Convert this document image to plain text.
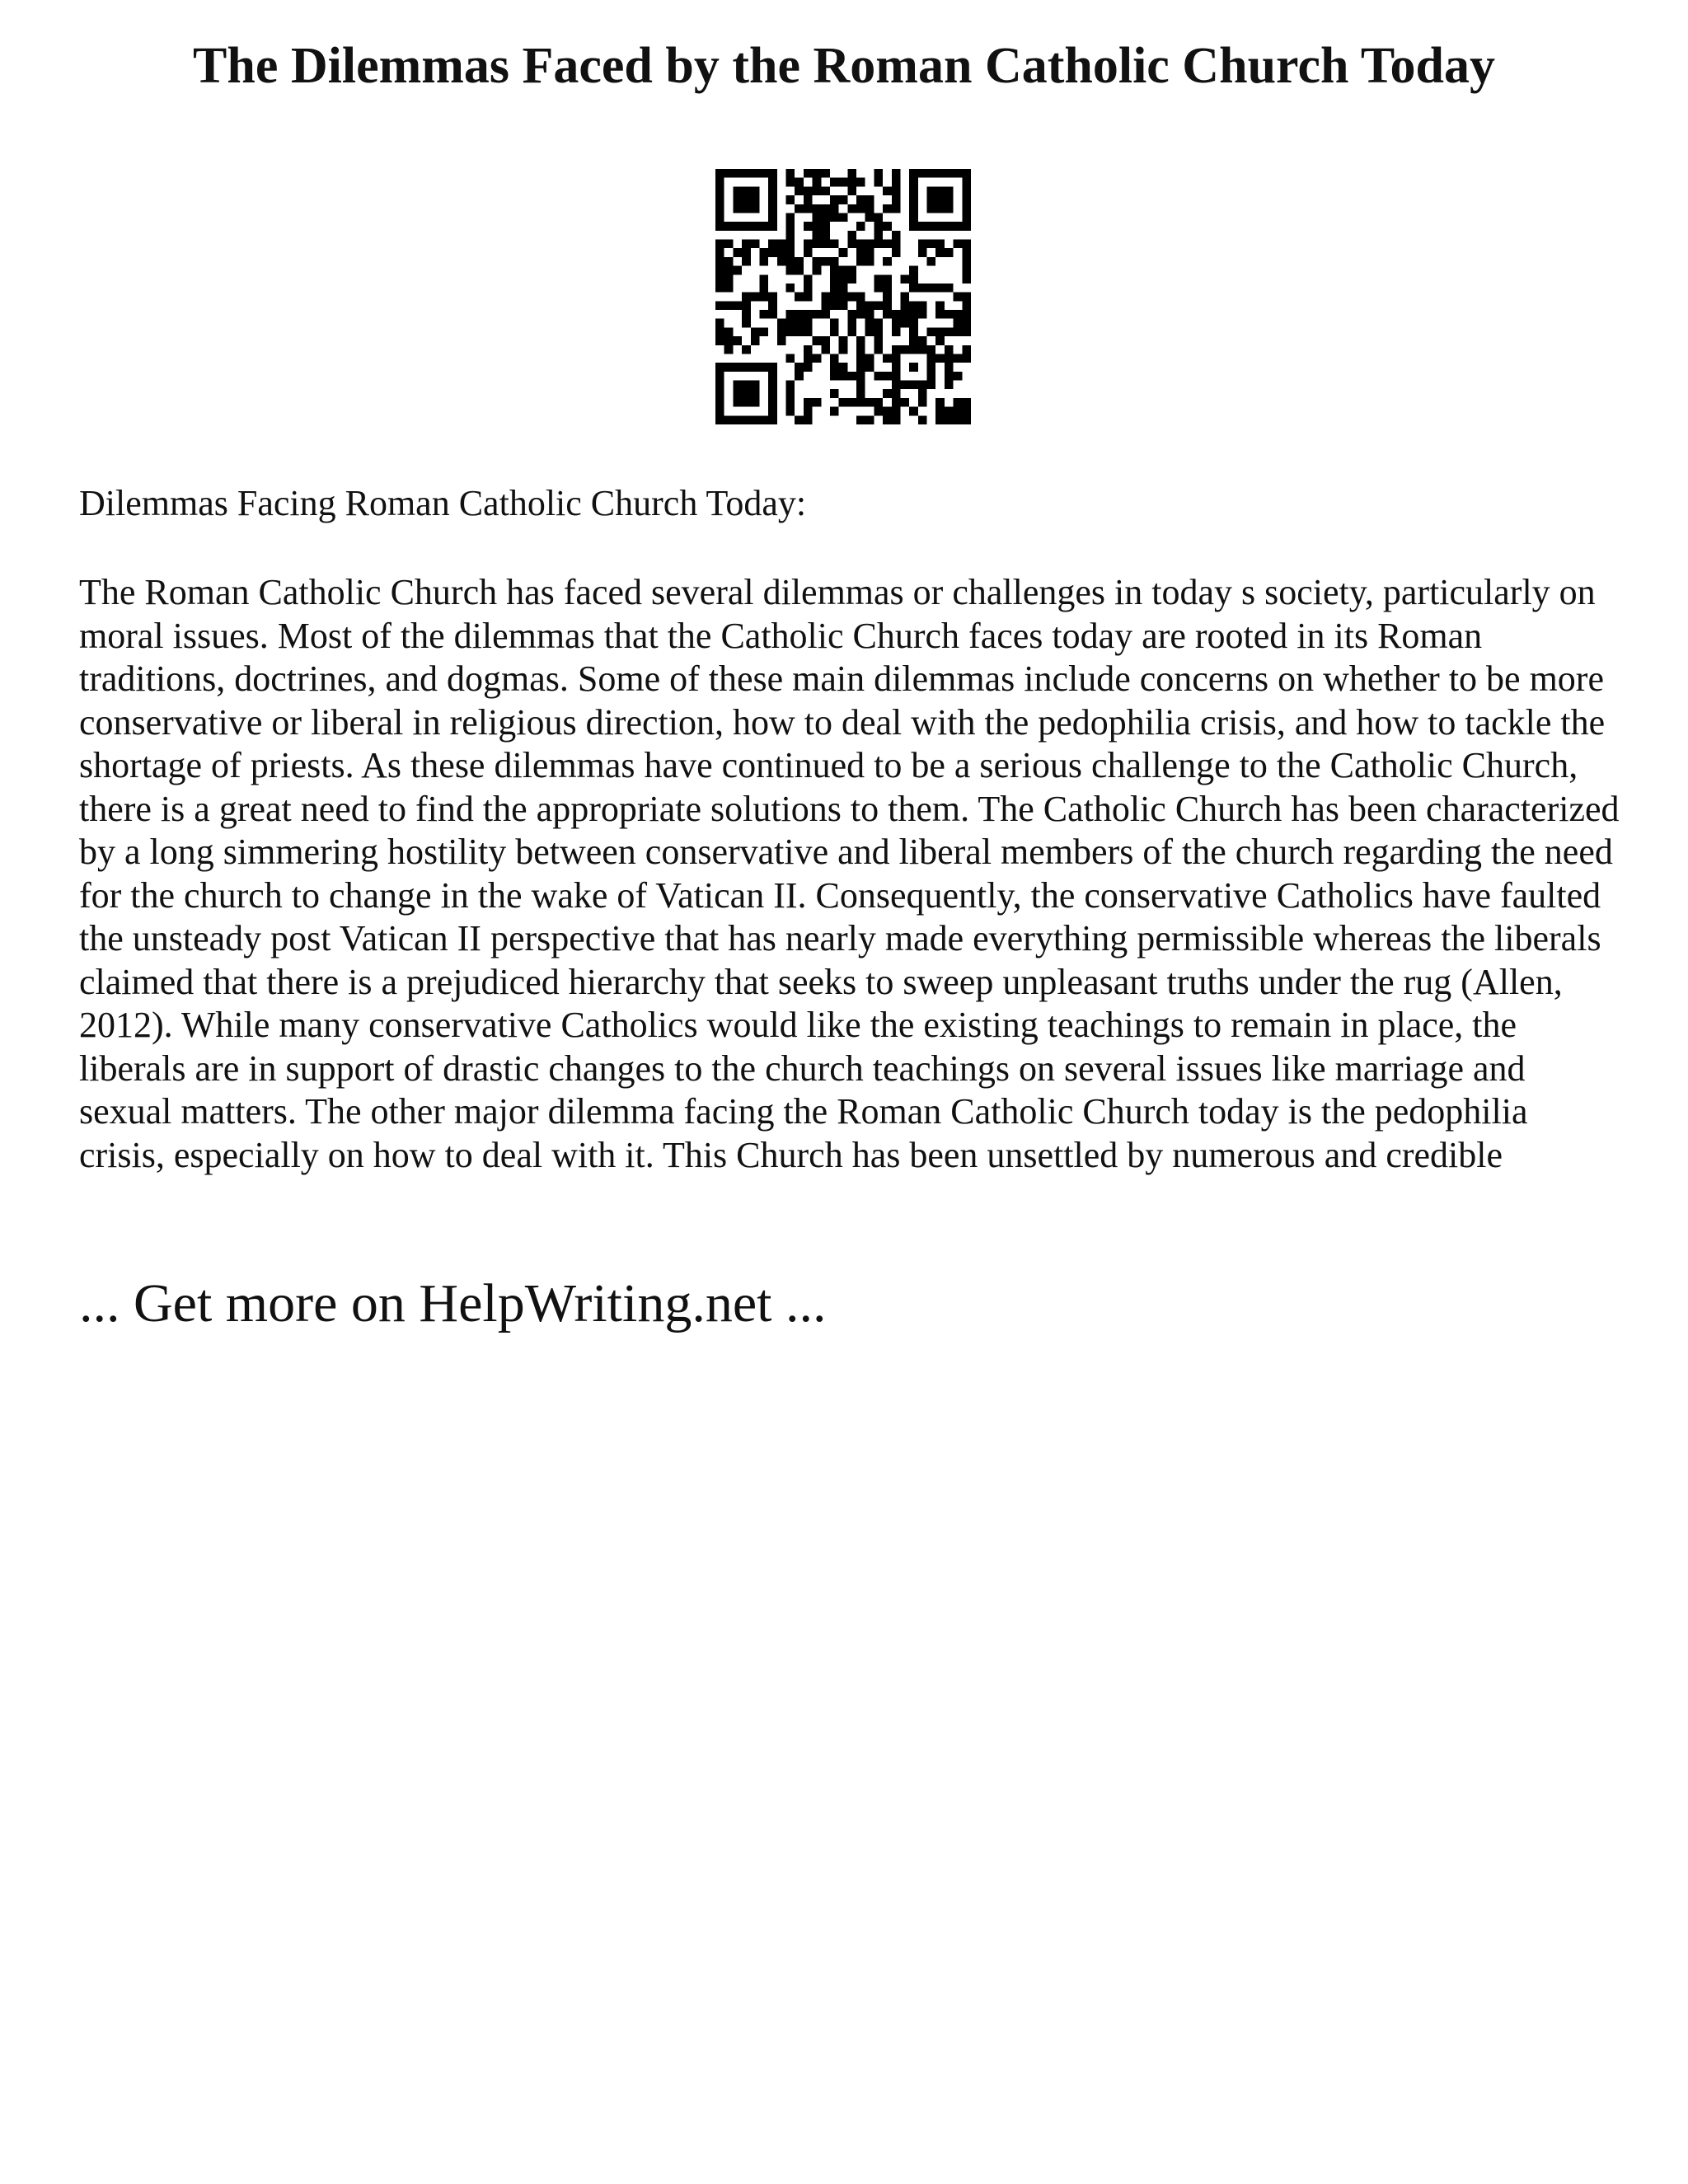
The Dilemmas Faced by the Roman Catholic Church Today

Dilemmas Facing Roman Catholic Church Today:

The Roman Catholic Church has faced several dilemmas or challenges in today s society, particularly on moral issues. Most of the dilemmas that the Catholic Church faces today are rooted in its Roman traditions, doctrines, and dogmas. Some of these main dilemmas include concerns on whether to be more conservative or liberal in religious direction, how to deal with the pedophilia crisis, and how to tackle the shortage of priests. As these dilemmas have continued to be a serious challenge to the Catholic Church, there is a great need to find the appropriate solutions to them. The Catholic Church has been characterized by a long simmering hostility between conservative and liberal members of the church regarding the need for the church to change in the wake of Vatican II. Consequently, the conservative Catholics have faulted the unsteady post Vatican II perspective that has nearly made everything permissible whereas the liberals claimed that there is a prejudiced hierarchy that seeks to sweep unpleasant truths under the rug (Allen, 2012). While many conservative Catholics would like the existing teachings to remain in place, the liberals are in support of drastic changes to the church teachings on several issues like marriage and sexual matters. The other major dilemma facing the Roman Catholic Church today is the pedophilia crisis, especially on how to deal with it. This Church has been unsettled by numerous and credible

... Get more on HelpWriting.net ...
